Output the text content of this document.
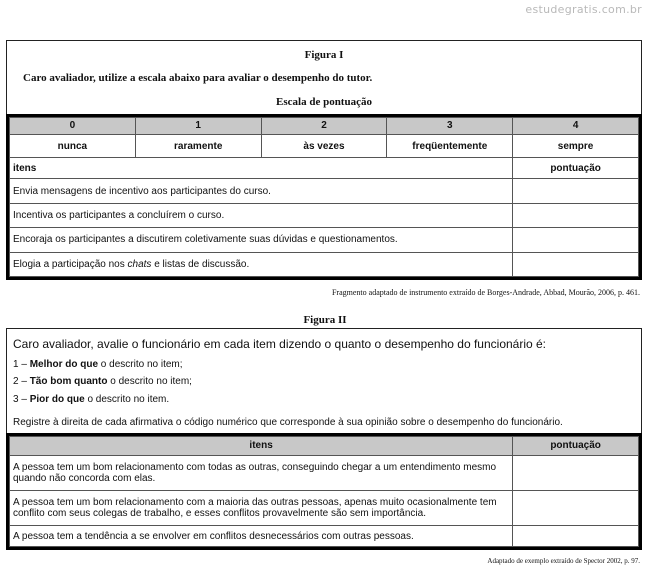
estudegratis.com.br
Figura I
Caro avaliador, utilize a escala abaixo para avaliar o desempenho do tutor.
Escala de pontuação
0	1	2	3	4
nunca	raramente	às vezes	freqüentemente	sempre
itens				pontuação
Envia mensagens de incentivo aos participantes do curso.				
Incentiva os participantes a concluírem o curso.				
Encoraja os participantes a discutirem coletivamente suas dúvidas e questionamentos.				
Elogia a participação nos chats e listas de discussão.				
Fragmento adaptado de instrumento extraído de Borges-Andrade, Abbad, Mourão, 2006, p. 461.
Figura II
Caro avaliador, avalie o funcionário em cada item dizendo o quanto o desempenho do funcionário é:
1 – Melhor do que o descrito no item;
2 – Tão bom quanto o descrito no item;
3 – Pior do que o descrito no item.
Registre à direita de cada afirmativa o código numérico que corresponde à sua opinião sobre o desempenho do funcionário.
itens	pontuação
A pessoa tem um bom relacionamento com todas as outras, conseguindo chegar a um entendimento mesmo quando não concorda com elas.	
A pessoa tem um bom relacionamento com a maioria das outras pessoas, apenas muito ocasionalmente tem conflito com seus colegas de trabalho, e esses conflitos provavelmente são sem importância.	
A pessoa tem a tendência a se envolver em conflitos desnecessários com outras pessoas.	
Adaptado de exemplo extraído de Spector 2002, p. 97.
